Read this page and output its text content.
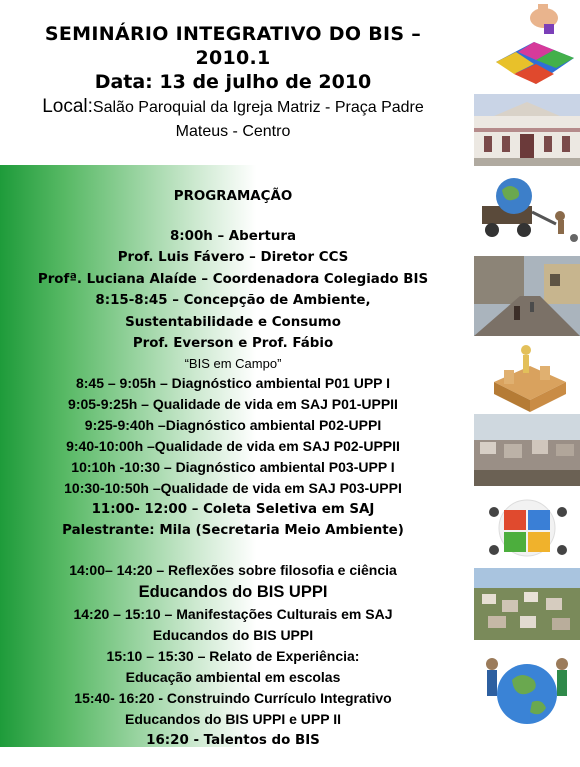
SEMINÁRIO INTEGRATIVO DO BIS –
2010.1
Data: 13 de julho de 2010
Local:Salão Paroquial da Igreja Matriz - Praça Padre
Mateus - Centro
PROGRAMAÇÃO
8:00h – Abertura
Prof. Luis Fávero – Diretor CCS
Profª. Luciana Alaíde – Coordenadora Colegiado BIS
8:15-8:45 – Concepção de Ambiente,
Sustentabilidade e Consumo
Prof. Everson e Prof. Fábio
“BIS em Campo”
8:45 – 9:05h – Diagnóstico ambiental P01 UPP I
9:05-9:25h – Qualidade de vida em SAJ P01-UPPII
9:25-9:40h –Diagnóstico ambiental P02-UPPI
9:40-10:00h –Qualidade de vida em SAJ P02-UPPII
10:10h -10:30 – Diagnóstico ambiental P03-UPP I
10:30-10:50h –Qualidade de vida em SAJ P03-UPPI
11:00- 12:00 – Coleta Seletiva em SAJ
Palestrante: Mila (Secretaria Meio Ambiente)
14:00– 14:20 – Reflexões sobre filosofia e ciência
Educandos do BIS UPPI
14:20 – 15:10 – Manifestações Culturais em SAJ
Educandos do BIS UPPI
15:10 – 15:30 – Relato de Experiência:
Educação ambiental em escolas
15:40- 16:20 - Construindo Currículo Integrativo
Educandos do BIS UPPI e UPP II
16:20 - Talentos do BIS
